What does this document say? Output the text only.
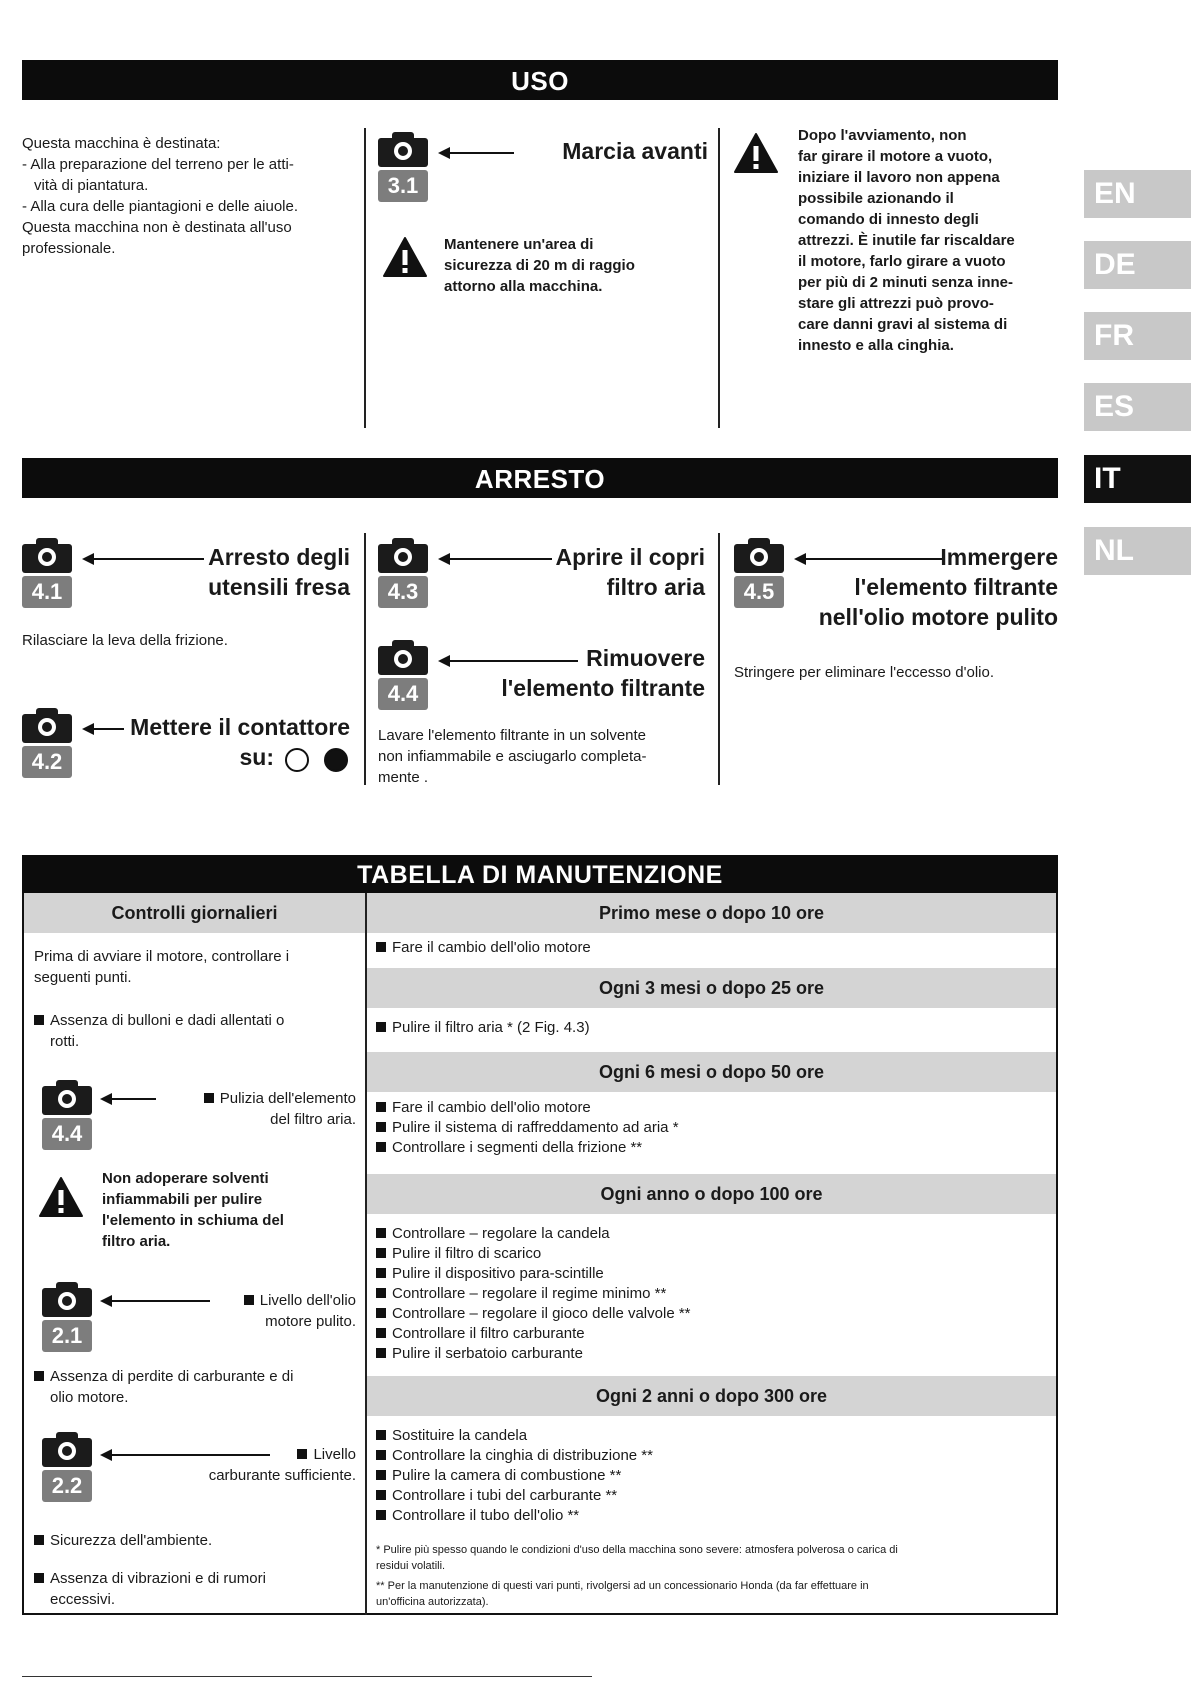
USO
Questa macchina è destinata:
- Alla preparazione del terreno per le atti-
vità di piantatura.
- Alla cura delle piantagioni e delle aiuole.
Questa macchina non è destinata all'uso
professionale.
3.1
Marcia avanti
Mantenere un'area di
sicurezza di 20 m di raggio
attorno alla macchina.
Dopo l'avviamento, non
far girare il motore a vuoto,
iniziare il lavoro non appena
possibile azionando il
comando di innesto degli
attrezzi. È inutile far riscaldare
il motore, farlo girare a vuoto
per più di 2 minuti senza inne-
stare gli attrezzi può provo-
care danni gravi al sistema di
innesto e alla cinghia.
EN
DE
FR
ES
IT
NL
ARRESTO
4.1
Arresto degli
utensili fresa
Rilasciare la leva della frizione.
4.2
Mettere il contattore
su:
4.3
Aprire il copri
filtro aria
4.4
Rimuovere
l'elemento filtrante
Lavare l'elemento filtrante in un solvente
non infiammabile e asciugarlo completa-
mente .
4.5
Immergere
l'elemento filtrante
nell'olio motore pulito
Stringere per eliminare l'eccesso d'olio.
TABELLA DI MANUTENZIONE
Controlli giornalieri
Prima di avviare il motore, controllare i
seguenti punti.
Assenza di bulloni e dadi allentati o
rotti.
4.4
Pulizia dell'elemento
del filtro aria.
Non adoperare solventi
infiammabili per pulire
l'elemento in schiuma del
filtro aria.
2.1
Livello dell'olio
motore pulito.
Assenza di perdite di carburante e di
olio motore.
2.2
Livello
carburante sufficiente.
Sicurezza dell'ambiente.
Assenza di vibrazioni e di rumori
eccessivi.
Primo mese o dopo 10 ore
Fare il cambio dell'olio motore
Ogni 3 mesi o dopo 25 ore
Pulire il filtro aria * (2 Fig. 4.3)
Ogni 6 mesi o dopo 50 ore
Fare il cambio dell'olio motore
Pulire il sistema di raffreddamento ad aria *
Controllare i segmenti della frizione **
Ogni anno o dopo 100 ore
Controllare – regolare la candela
Pulire il filtro di scarico
Pulire il dispositivo para-scintille
Controllare – regolare il regime minimo **
Controllare – regolare il gioco delle valvole **
Controllare il filtro carburante
Pulire il serbatoio carburante
Ogni 2 anni o dopo 300 ore
Sostituire la candela
Controllare la cinghia di distribuzione **
Pulire la camera di combustione **
Controllare i tubi del carburante **
Controllare il tubo dell'olio **
* Pulire più spesso quando le condizioni d'uso della macchina sono severe: atmosfera polverosa o carica di
residui volatili.
** Per la manutenzione di questi vari punti, rivolgersi ad un concessionario Honda (da far effettuare in
un'officina autorizzata).
